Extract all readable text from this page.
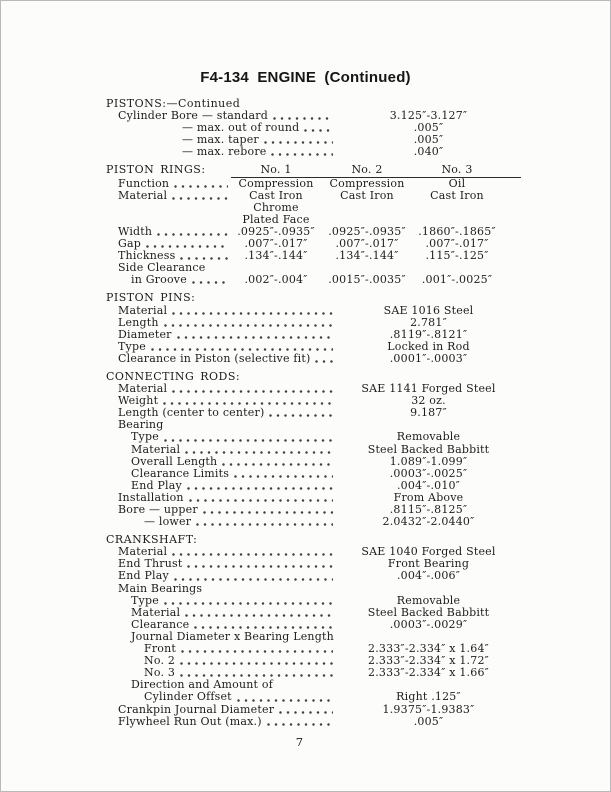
F4-134 ENGINE (Continued)
PISTONS:—Continued
Cylinder Bore — standard	3.125″-3.127″
— max. out of round	.005″
— max. taper	.005″
— max. rebore	.040″
PISTON RINGS:	No. 1	No. 2	No. 3
Function	Compression	Compression	Oil
Material	Cast Iron	Cast Iron	Cast Iron
Chrome
Plated Face
Width	.0925″-.0935″	.0925″-.0935″	.1860″-.1865″
Gap	.007″-.017″	.007″-.017″	.007″-.017″
Thickness	.134″-.144″	.134″-.144″	.115″-.125″
Side Clearance
in Groove	.002″-.004″	.0015″-.0035″	.001″-.0025″
PISTON PINS:
Material	SAE 1016 Steel
Length	2.781″
Diameter	.8119″-.8121″
Type	Locked in Rod
Clearance in Piston (selective fit)	.0001″-.0003″
CONNECTING RODS:
Material	SAE 1141 Forged Steel
Weight	32 oz.
Length (center to center)	9.187″
Bearing
Type	Removable
Material	Steel Backed Babbitt
Overall Length	1.089″-1.099″
Clearance Limits	.0003″-.0025″
End Play	.004″-.010″
Installation	From Above
Bore — upper	.8115″-.8125″
— lower	2.0432″-2.0440″
CRANKSHAFT:
Material	SAE 1040 Forged Steel
End Thrust	Front Bearing
End Play	.004″-.006″
Main Bearings
Type	Removable
Material	Steel Backed Babbitt
Clearance	.0003″-.0029″
Journal Diameter x Bearing Length
Front	2.333″-2.334″ x 1.64″
No. 2	2.333″-2.334″ x 1.72″
No. 3	2.333″-2.334″ x 1.66″
Direction and Amount of
Cylinder Offset	Right .125″
Crankpin Journal Diameter	1.9375″-1.9383″
Flywheel Run Out (max.)	.005″
7
